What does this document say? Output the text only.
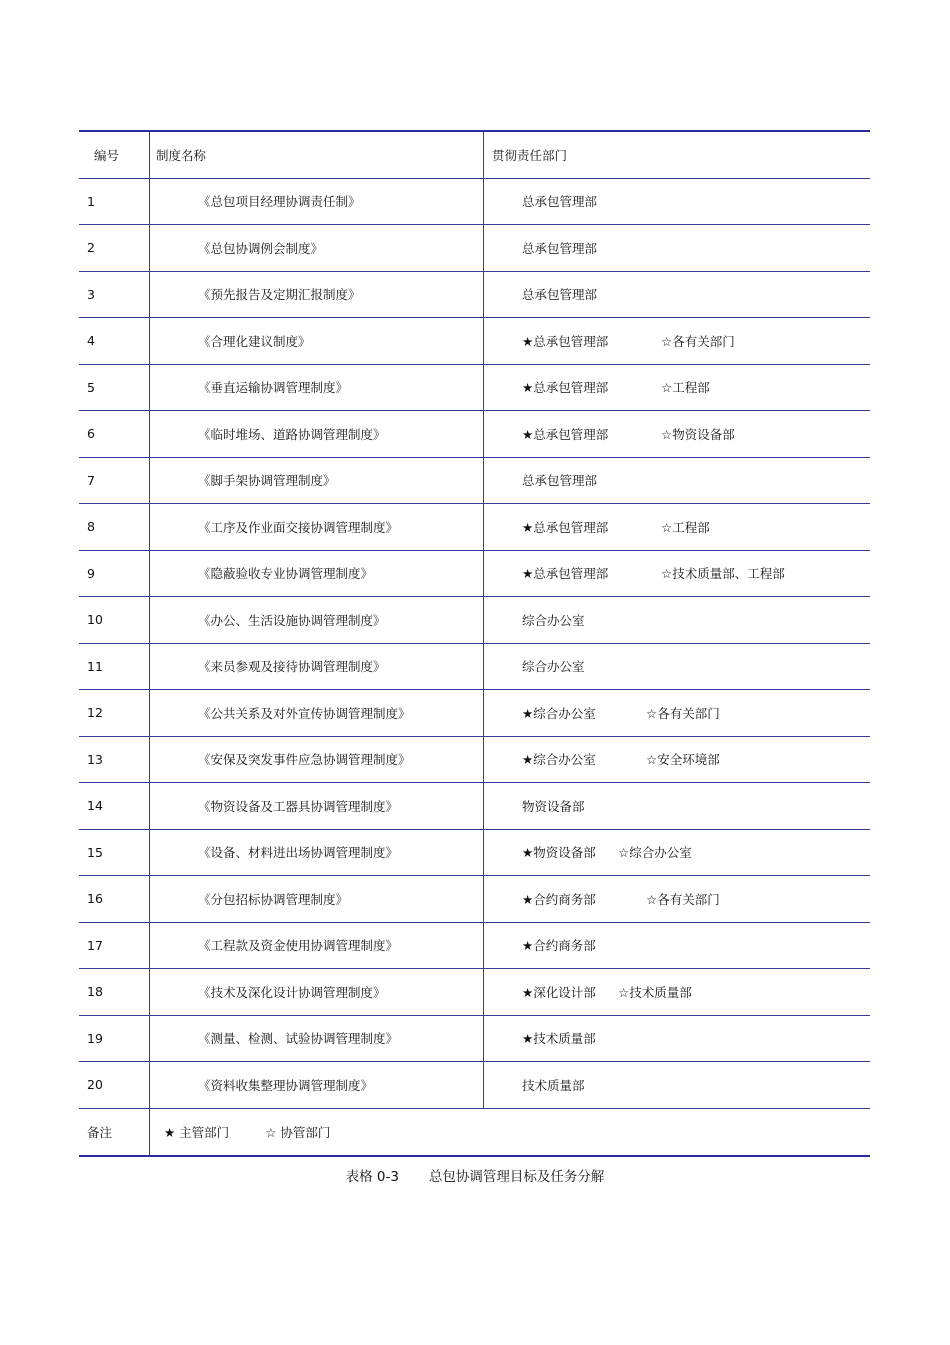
编号	制度名称	贯彻责任部门
1	《总包项目经理协调责任制》	总承包管理部
2	《总包协调例会制度》	总承包管理部
3	《预先报告及定期汇报制度》	总承包管理部
4	《合理化建议制度》	★总承包管理部	☆各有关部门
5	《垂直运输协调管理制度》	★总承包管理部	☆工程部
6	《临时堆场、道路协调管理制度》	★总承包管理部	☆物资设备部
7	《脚手架协调管理制度》	总承包管理部
8	《工序及作业面交接协调管理制度》	★总承包管理部	☆工程部
9	《隐蔽验收专业协调管理制度》	★总承包管理部	☆技术质量部、工程部
10	《办公、生活设施协调管理制度》	综合办公室
11	《来员参观及接待协调管理制度》	综合办公室
12	《公共关系及对外宣传协调管理制度》	★综合办公室	☆各有关部门
13	《安保及突发事件应急协调管理制度》	★综合办公室	☆安全环境部
14	《物资设备及工器具协调管理制度》	物资设备部
15	《设备、材料进出场协调管理制度》	★物资设备部 ☆综合办公室
16	《分包招标协调管理制度》	★合约商务部	☆各有关部门
17	《工程款及资金使用协调管理制度》	★合约商务部
18	《技术及深化设计协调管理制度》	★深化设计部 ☆技术质量部
19	《测量、检测、试验协调管理制度》	★技术质量部
20	《资料收集整理协调管理制度》	技术质量部
备注	★ 主管部门	☆ 协管部门
表格 0-3 总包协调管理目标及任务分解
